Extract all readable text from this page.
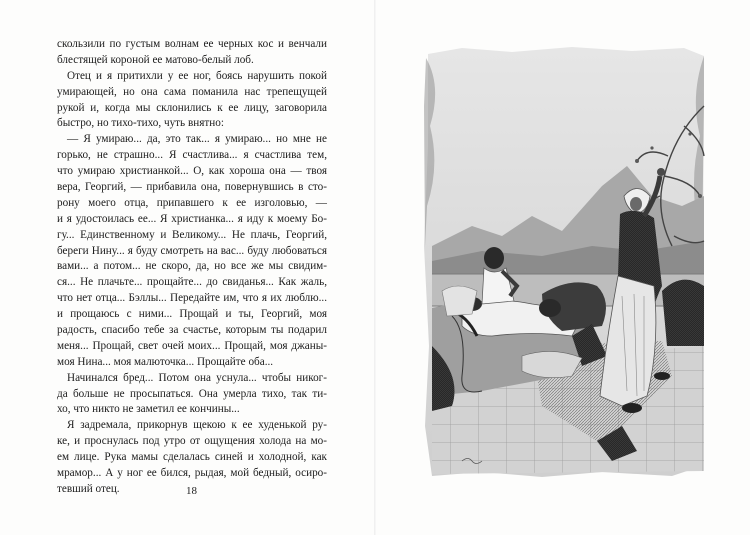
скользили по густым волнам ее черных кос и венчали
блестящей короной ее матово-белый лоб.
Отец и я притихли у ее ног, боясь нарушить покой
умирающей, но она сама поманила нас трепещущей
рукой и, когда мы склонились к ее лицу, заговорила
быстро, но тихо-тихо, чуть внятно:
— Я умираю... да, это так... я умираю... но мне не
горько, не страшно... Я счастлива... я счастлива тем,
что умираю христианкой... О, как хороша она — твоя
вера, Георгий, — прибавила она, повернувшись в сто-
рону моего отца, припавшего к ее изголовью, —
и я удостоилась ее... Я христианка... я иду к моему Бо-
гу... Единственному и Великому... Не плачь, Георгий,
береги Нину... я буду смотреть на вас... буду любоваться
вами... а потом... не скоро, да, но все же мы свидим-
ся... Не плачьте... прощайте... до свиданья... Как жаль,
что нет отца... Бэллы... Передайте им, что я их люблю...
и прощаюсь с ними... Прощай и ты, Георгий, моя
радость, спасибо тебе за счастье, которым ты подарил
меня... Прощай, свет очей моих... Прощай, моя джаны-
моя Нина... моя малюточка... Прощайте оба...
Начинался бред... Потом она уснула... чтобы никог-
да больше не просыпаться. Она умерла тихо, так ти-
хо, что никто не заметил ее кончины...
Я задремала, прикорнув щекою к ее худенькой ру-
ке, и проснулась под утро от ощущения холода на мо-
ем лице. Рука мамы сделалась синей и холодной, как
мрамор... А у ног ее бился, рыдая, мой бедный, осиро-
тевший отец.	18
